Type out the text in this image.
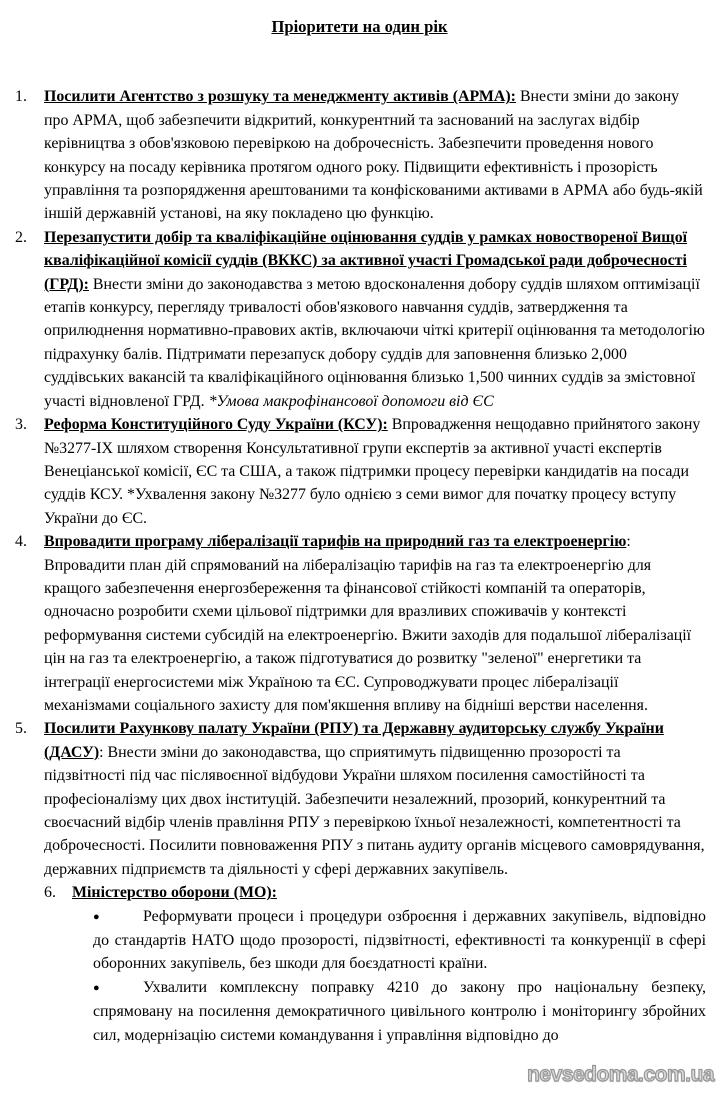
Пріоритети на один рік
1. Посилити Агентство з розшуку та менеджменту активів (АРМА): Внести зміни до закону про АРМА, щоб забезпечити відкритий, конкурентний та заснований на заслугах відбір керівництва з обов'язковою перевіркою на доброчесність. Забезпечити проведення нового конкурсу на посаду керівника протягом одного року. Підвищити ефективність і прозорість управління та розпорядження арештованими та конфіскованими активами в АРМА або будь-якій іншій державній установі, на яку покладено цю функцію.
2. Перезапустити добір та кваліфікаційне оцінювання суддів у рамках новоствореної Вищої кваліфікаційної комісії суддів (ВККС) за активної участі Громадської ради доброчесності (ГРД): Внести зміни до законодавства з метою вдосконалення добору суддів шляхом оптимізації етапів конкурсу, перегляду тривалості обов'язкового навчання суддів, затвердження та оприлюднення нормативно-правових актів, включаючи чіткі критерії оцінювання та методологію підрахунку балів. Підтримати перезапуск добору суддів для заповнення близько 2,000 суддівських вакансій та кваліфікаційного оцінювання близько 1,500 чинних суддів за змістовної участі відновленої ГРД. *Умова макрофінансової допомоги від ЄС
3. Реформа Конституційного Суду України (КСУ): Впровадження нещодавно прийнятого закону №3277-IX шляхом створення Консультативної групи експертів за активної участі експертів Венеціанської комісії, ЄС та США, а також підтримки процесу перевірки кандидатів на посади суддів КСУ. *Ухвалення закону №3277 було однією з семи вимог для початку процесу вступу України до ЄС.
4. Впровадити програму лібералізації тарифів на природний газ та електроенергію: Впровадити план дій спрямований на лібералізацію тарифів на газ та електроенергію для кращого забезпечення енергозбереження та фінансової стійкості компаній та операторів, одночасно розробити схеми цільової підтримки для вразливих споживачів у контексті реформування системи субсидій на електроенергію. Вжити заходів для подальшої лібералізації цін на газ та електроенергію, а також підготуватися до розвитку "зеленої" енергетики та інтеграції енергосистеми між Україною та ЄС. Супроводжувати процес лібералізації механізмами соціального захисту для пом'якшення впливу на бідніші верстви населення.
5. Посилити Рахункову палату України (РПУ) та Державну аудиторську службу України (ДАСУ): Внести зміни до законодавства, що сприятимуть підвищенню прозорості та підзвітності під час післявоєнної відбудови України шляхом посилення самостійності та професіоналізму цих двох інституцій. Забезпечити незалежний, прозорий, конкурентний та своєчасний відбір членів правління РПУ з перевіркою їхньої незалежності, компетентності та доброчесності. Посилити повноваження РПУ з питань аудиту органів місцевого самоврядування, державних підприємств та діяльності у сфері державних закупівель.
6. Міністерство оборони (МО):
●	Реформувати процеси і процедури озброєння і державних закупівель, відповідно до стандартів НАТО щодо прозорості, підзвітності, ефективності та конкуренції в сфері оборонних закупівель, без шкоди для боєздатності країни.
●	Ухвалити комплексну поправку 4210 до закону про національну безпеку, спрямовану на посилення демократичного цивільного контролю і моніторингу збройних сил, модернізацію системи командування і управління відповідно до
nevsedoma.com.ua
